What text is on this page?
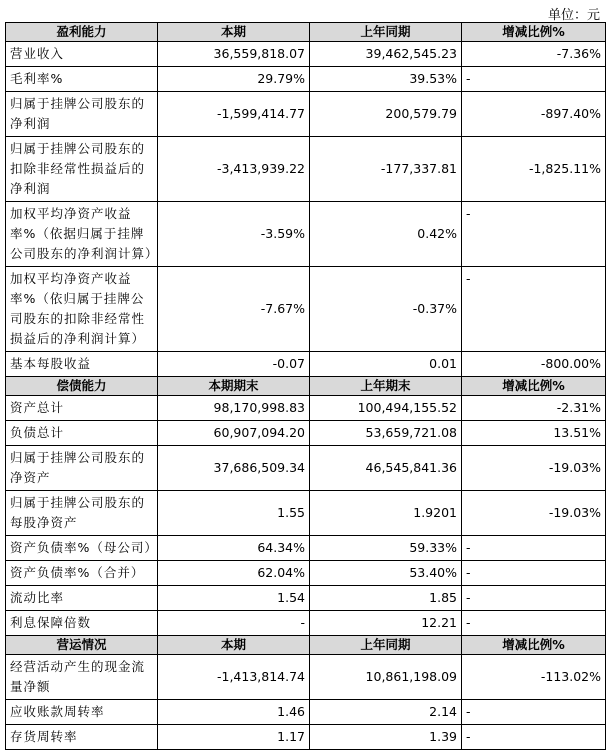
单位：元
盈利能力	本期	上年同期	增减比例%
营业收入	36,559,818.07	39,462,545.23	-7.36%
毛利率%	29.79%	39.53%	-
归属于挂牌公司股东的净利润	-1,599,414.77	200,579.79	-897.40%
归属于挂牌公司股东的扣除非经常性损益后的净利润	-3,413,939.22	-177,337.81	-1,825.11%
加权平均净资产收益率%（依据归属于挂牌公司股东的净利润计算）	-3.59%	0.42%	-
加权平均净资产收益率%（依归属于挂牌公司股东的扣除非经常性损益后的净利润计算）	-7.67%	-0.37%	-
基本每股收益	-0.07	0.01	-800.00%
偿债能力	本期期末	上年期末	增减比例%
资产总计	98,170,998.83	100,494,155.52	-2.31%
负债总计	60,907,094.20	53,659,721.08	13.51%
归属于挂牌公司股东的净资产	37,686,509.34	46,545,841.36	-19.03%
归属于挂牌公司股东的每股净资产	1.55	1.9201	-19.03%
资产负债率%（母公司）	64.34%	59.33%	-
资产负债率%（合并）	62.04%	53.40%	-
流动比率	1.54	1.85	-
利息保障倍数	-	12.21	-
营运情况	本期	上年同期	增减比例%
经营活动产生的现金流量净额	-1,413,814.74	10,861,198.09	-113.02%
应收账款周转率	1.46	2.14	-
存货周转率	1.17	1.39	-
